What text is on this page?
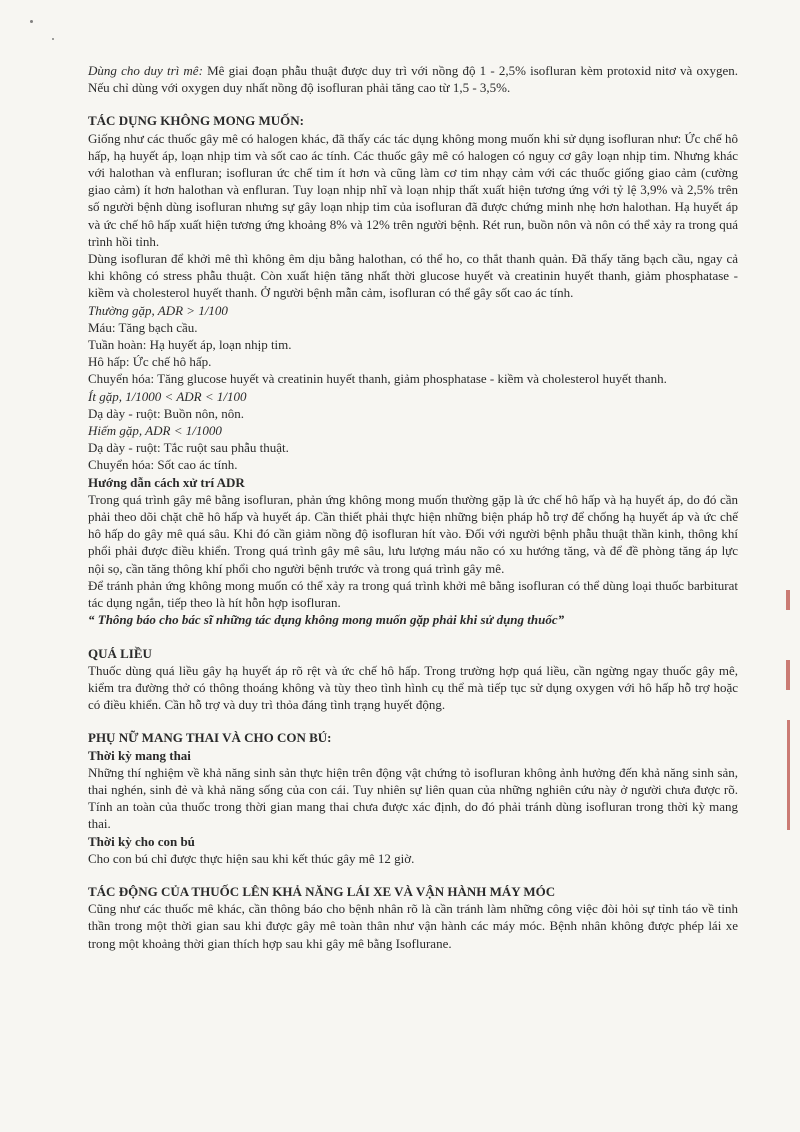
Dùng cho duy trì mê: Mê giai đoạn phẫu thuật được duy trì với nồng độ 1 - 2,5% isofluran kèm protoxid nitơ và oxygen. Nếu chỉ dùng với oxygen duy nhất nồng độ isofluran phải tăng cao từ 1,5 - 3,5%.

TÁC DỤNG KHÔNG MONG MUỐN:

Giống như các thuốc gây mê có halogen khác, đã thấy các tác dụng không mong muốn khi sử dụng isofluran như: Ức chế hô hấp, hạ huyết áp, loạn nhịp tim và sốt cao ác tính. Các thuốc gây mê có halogen có nguy cơ gây loạn nhịp tim. Nhưng khác với halothan và enfluran; isofluran ức chế tim ít hơn và cũng làm cơ tim nhạy cảm với các thuốc giống giao cảm (cường giao cảm) ít hơn halothan và enfluran. Tuy loạn nhịp nhĩ và loạn nhịp thất xuất hiện tương ứng với tỷ lệ 3,9% và 2,5% trên số người bệnh dùng isofluran nhưng sự gây loạn nhịp tim của isofluran đã được chứng minh nhẹ hơn halothan. Hạ huyết áp và ức chế hô hấp xuất hiện tương ứng khoảng 8% và 12% trên người bệnh. Rét run, buồn nôn và nôn có thể xảy ra trong quá trình hồi tỉnh.

Dùng isofluran để khởi mê thì không êm dịu bằng halothan, có thể ho, co thắt thanh quản. Đã thấy tăng bạch cầu, ngay cả khi không có stress phẫu thuật. Còn xuất hiện tăng nhất thời glucose huyết và creatinin huyết thanh, giảm phosphatase - kiềm và cholesterol huyết thanh. Ở người bệnh mẫn cảm, isofluran có thể gây sốt cao ác tính.

Thường gặp, ADR > 1/100

Máu: Tăng bạch cầu.

Tuần hoàn: Hạ huyết áp, loạn nhịp tim.

Hô hấp: Ức chế hô hấp.

Chuyển hóa: Tăng glucose huyết và creatinin huyết thanh, giảm phosphatase - kiềm và cholesterol huyết thanh.

Ít gặp, 1/1000 < ADR < 1/100

Dạ dày - ruột: Buồn nôn, nôn.

Hiếm gặp, ADR < 1/1000

Dạ dày - ruột: Tắc ruột sau phẫu thuật.

Chuyển hóa: Sốt cao ác tính.

Hướng dẫn cách xử trí ADR

Trong quá trình gây mê bằng isofluran, phản ứng không mong muốn thường gặp là ức chế hô hấp và hạ huyết áp, do đó cần phải theo dõi chặt chẽ hô hấp và huyết áp. Cần thiết phải thực hiện những biện pháp hỗ trợ để chống hạ huyết áp và ức chế hô hấp do gây mê quá sâu. Khi đó cần giảm nồng độ isofluran hít vào. Đối với người bệnh phẫu thuật thần kinh, thông khí phổi phải được điều khiển. Trong quá trình gây mê sâu, lưu lượng máu não có xu hướng tăng, và để đề phòng tăng áp lực nội sọ, cần tăng thông khí phổi cho người bệnh trước và trong quá trình gây mê.

Để tránh phản ứng không mong muốn có thể xảy ra trong quá trình khởi mê bằng isofluran có thể dùng loại thuốc barbiturat tác dụng ngắn, tiếp theo là hít hỗn hợp isofluran.

“ Thông báo cho bác sĩ những tác dụng không mong muốn gặp phải khi sử dụng thuốc”

QUÁ LIỀU

Thuốc dùng quá liều gây hạ huyết áp rõ rệt và ức chế hô hấp. Trong trường hợp quá liều, cần ngừng ngay thuốc gây mê, kiểm tra đường thở có thông thoáng không và tùy theo tình hình cụ thể mà tiếp tục sử dụng oxygen với hô hấp hỗ trợ hoặc có điều khiển. Cần hỗ trợ và duy trì thỏa đáng tình trạng huyết động.

PHỤ NỮ MANG THAI VÀ CHO CON BÚ:

Thời kỳ mang thai

Những thí nghiệm về khả năng sinh sản thực hiện trên động vật chứng tỏ isofluran không ảnh hưởng đến khả năng sinh sản, thai nghén, sinh đẻ và khả năng sống của con cái. Tuy nhiên sự liên quan của những nghiên cứu này ở người chưa được rõ. Tính an toàn của thuốc trong thời gian mang thai chưa được xác định, do đó phải tránh dùng isofluran trong thời kỳ mang thai.

Thời kỳ cho con bú

Cho con bú chỉ được thực hiện sau khi kết thúc gây mê 12 giờ.

TÁC ĐỘNG CỦA THUỐC LÊN KHẢ NĂNG LÁI XE VÀ VẬN HÀNH MÁY MÓC

Cũng như các thuốc mê khác, cần thông báo cho bệnh nhân rõ là cần tránh làm những công việc đòi hỏi sự tỉnh táo về tinh thần trong một thời gian sau khi được gây mê toàn thân như vận hành các máy móc. Bệnh nhân không được phép lái xe trong một khoảng thời gian thích hợp sau khi gây mê bằng Isoflurane.
